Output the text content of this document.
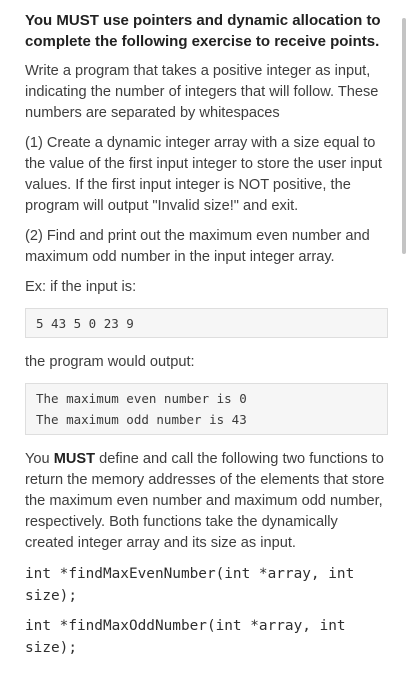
You MUST use pointers and dynamic allocation to complete the following exercise to receive points.

Write a program that takes a positive integer as input, indicating the number of integers that will follow. These numbers are separated by whitespaces

(1) Create a dynamic integer array with a size equal to the value of the first input integer to store the user input values. If the first input integer is NOT positive, the program will output "Invalid size!" and exit.

(2) Find and print out the maximum even number and maximum odd number in the input integer array.

Ex: if the input is:

5 43 5 0 23 9

the program would output:

The maximum even number is 0
The maximum odd number is 43

You MUST define and call the following two functions to return the memory addresses of the elements that store the maximum even number and maximum odd number, respectively. Both functions take the dynamically created integer array and its size as input.

int *findMaxEvenNumber(int *array, int size);

int *findMaxOddNumber(int *array, int size);
